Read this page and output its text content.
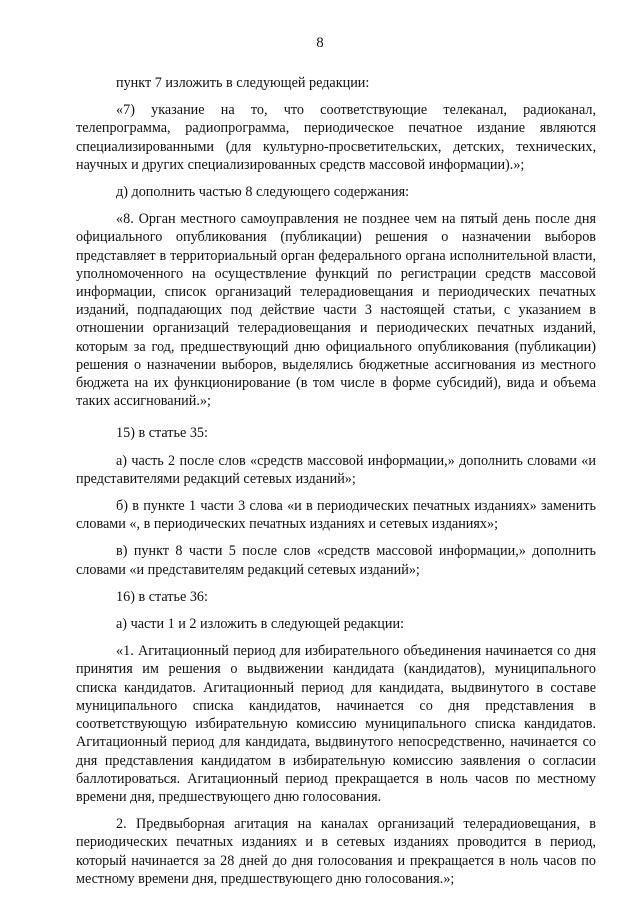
8

пункт 7 изложить в следующей редакции:

«7) указание на то, что соответствующие телеканал, радиоканал, телепрограмма, радиопрограмма, периодическое печатное издание являются специализированными (для культурно-просветительских, детских, технических, научных и других специализированных средств массовой информации).»;

д) дополнить частью 8 следующего содержания:

«8. Орган местного самоуправления не позднее чем на пятый день после дня официального опубликования (публикации) решения о назначении выборов представляет в территориальный орган федерального органа исполнительной власти, уполномоченного на осуществление функций по регистрации средств массовой информации, список организаций телерадиовещания и периодических печатных изданий, подпадающих под действие части 3 настоящей статьи, с указанием в отношении организаций телерадиовещания и периодических печатных изданий, которым за год, предшествующий дню официального опубликования (публикации) решения о назначении выборов, выделялись бюджетные ассигнования из местного бюджета на их функционирование (в том числе в форме субсидий), вида и объема таких ассигнований.»;

15) в статье 35:

а) часть 2 после слов «средств массовой информации,» дополнить словами «и представителями редакций сетевых изданий»;

б) в пункте 1 части 3 слова «и в периодических печатных изданиях» заменить словами «, в периодических печатных изданиях и сетевых изданиях»;

в) пункт 8 части 5 после слов «средств массовой информации,» дополнить словами «и представителям редакций сетевых изданий»;

16) в статье 36:

а) части 1 и 2 изложить в следующей редакции:

«1. Агитационный период для избирательного объединения начинается со дня принятия им решения о выдвижении кандидата (кандидатов), муниципального списка кандидатов. Агитационный период для кандидата, выдвинутого в составе муниципального списка кандидатов, начинается со дня представления в соответствующую избирательную комиссию муниципального списка кандидатов. Агитационный период для кандидата, выдвинутого непосредственно, начинается со дня представления кандидатом в избирательную комиссию заявления о согласии баллотироваться. Агитационный период прекращается в ноль часов по местному времени дня, предшествующего дню голосования.

2. Предвыборная агитация на каналах организаций телерадиовещания, в периодических печатных изданиях и в сетевых изданиях проводится в период, который начинается за 28 дней до дня голосования и прекращается в ноль часов по местному времени дня, предшествующего дню голосования.»;
